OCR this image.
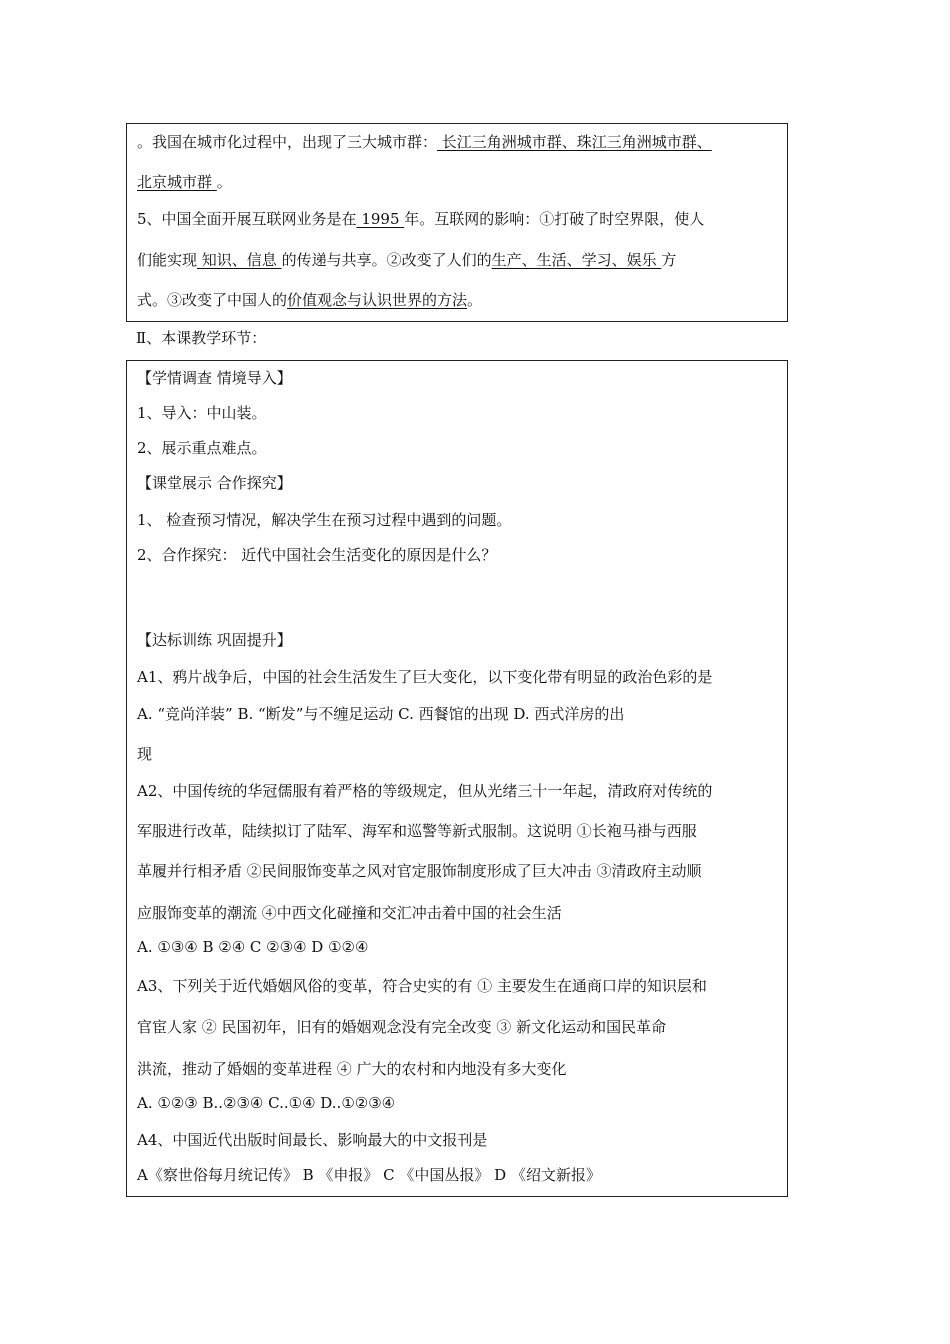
。我国在城市化过程中，出现了三大城市群： 长江三角洲城市群、珠江三角洲城市群、
北京城市群 。
5、中国全面开展互联网业务是在 1995 年。互联网的影响：①打破了时空界限，使人
们能实现 知识、信息 的传递与共享。②改变了人们的生产、生活、学习、娱乐 方
式。③改变了中国人的价值观念与认识世界的方法。
Ⅱ、本课教学环节：
【学情调查 情境导入】
1、导入：中山装。
2、展示重点难点。
【课堂展示 合作探究】
1、 检查预习情况，解决学生在预习过程中遇到的问题。
2、合作探究： 近代中国社会生活变化的原因是什么？
【达标训练 巩固提升】
A1、鸦片战争后，中国的社会生活发生了巨大变化，以下变化带有明显的政治色彩的是
A. “竞尚洋装” B. “断发”与不缠足运动 C. 西餐馆的出现 D. 西式洋房的出
现
A2、中国传统的华冠儒服有着严格的等级规定，但从光绪三十一年起，清政府对传统的
军服进行改革，陆续拟订了陆军、海军和巡警等新式服制。这说明 ①长袍马褂与西服
革履并行相矛盾 ②民间服饰变革之风对官定服饰制度形成了巨大冲击 ③清政府主动顺
应服饰变革的潮流 ④中西文化碰撞和交汇冲击着中国的社会生活
A. ①③④ B ②④ C ②③④ D ①②④
A3、下列关于近代婚姻风俗的变革，符合史实的有 ① 主要发生在通商口岸的知识层和
官宦人家 ② 民国初年，旧有的婚姻观念没有完全改变 ③ 新文化运动和国民革命
洪流，推动了婚姻的变革进程 ④ 广大的农村和内地没有多大变化
A. ①②③ B..②③④ C..①④ D..①②③④
A4、中国近代出版时间最长、影响最大的中文报刊是
A《察世俗每月统记传》 B 《申报》 C 《中国丛报》 D 《绍文新报》
